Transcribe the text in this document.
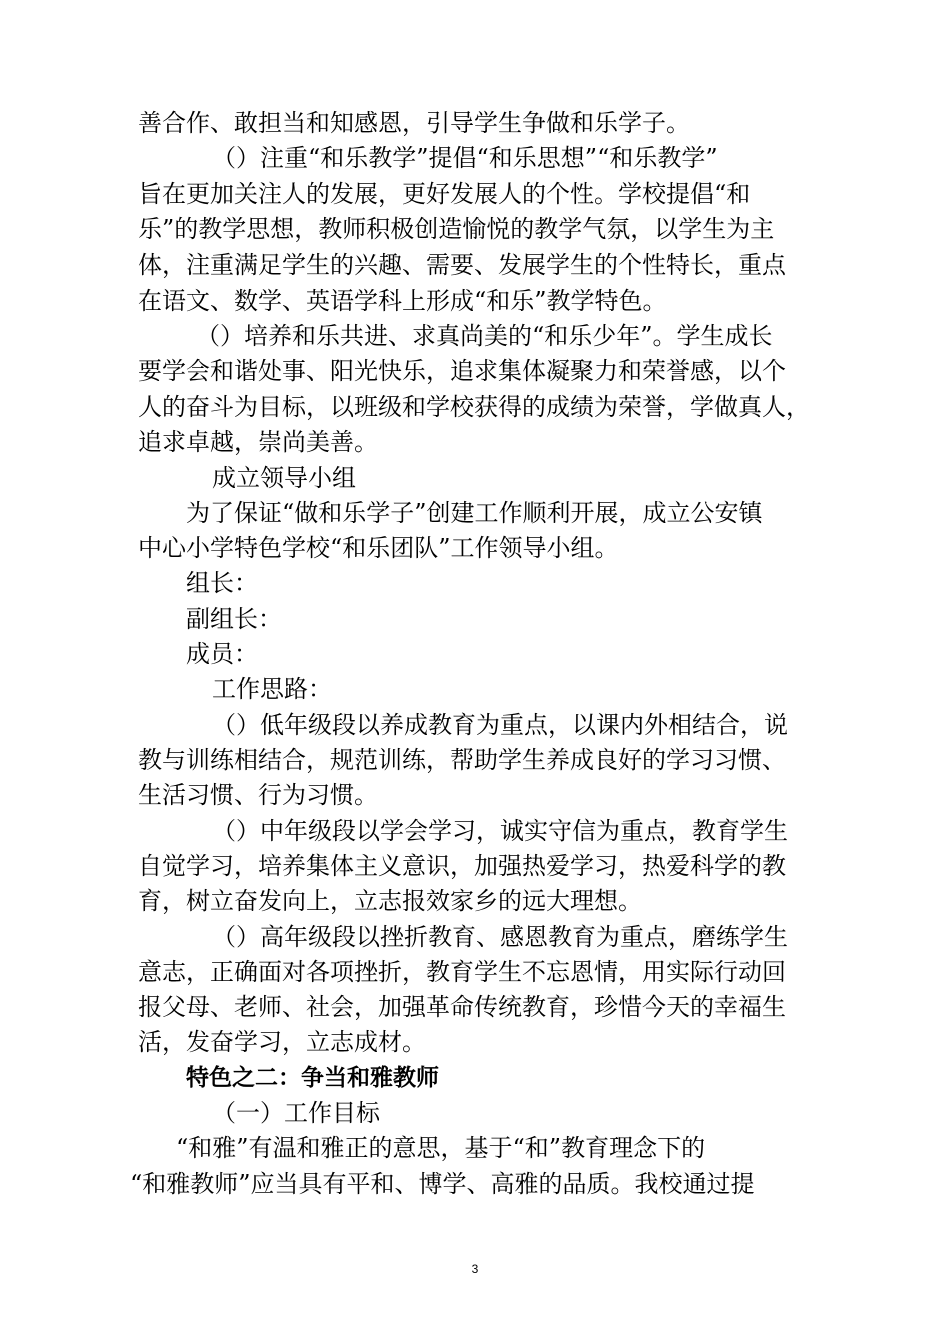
善合作、敢担当和知感恩，引导学生争做和乐学子。
（）注重“和乐教学”提倡“和乐思想”“和乐教学”
旨在更加关注人的发展，更好发展人的个性。学校提倡“和
乐”的教学思想，教师积极创造愉悦的教学气氛，以学生为主
体，注重满足学生的兴趣、需要、发展学生的个性特长，重点
在语文、数学、英语学科上形成“和乐”教学特色。
（）培养和乐共进、求真尚美的“和乐少年”。学生成长
要学会和谐处事、阳光快乐，追求集体凝聚力和荣誉感，以个
人的奋斗为目标，以班级和学校获得的成绩为荣誉，学做真人，
追求卓越，崇尚美善。
成立领导小组
为了保证“做和乐学子”创建工作顺利开展，成立公安镇
中心小学特色学校“和乐团队”工作领导小组。
组长：
副组长：
成员：
工作思路：
（）低年级段以养成教育为重点，以课内外相结合，说
教与训练相结合，规范训练，帮助学生养成良好的学习习惯、
生活习惯、行为习惯。
（）中年级段以学会学习，诚实守信为重点，教育学生
自觉学习，培养集体主义意识，加强热爱学习，热爱科学的教
育，树立奋发向上，立志报效家乡的远大理想。
（）高年级段以挫折教育、感恩教育为重点，磨练学生
意志，正确面对各项挫折，教育学生不忘恩情，用实际行动回
报父母、老师、社会，加强革命传统教育，珍惜今天的幸福生
活，发奋学习，立志成材。
特色之二：争当和雅教师
（一）工作目标
“和雅”有温和雅正的意思，基于“和”教育理念下的
“和雅教师”应当具有平和、博学、高雅的品质。我校通过提
3
